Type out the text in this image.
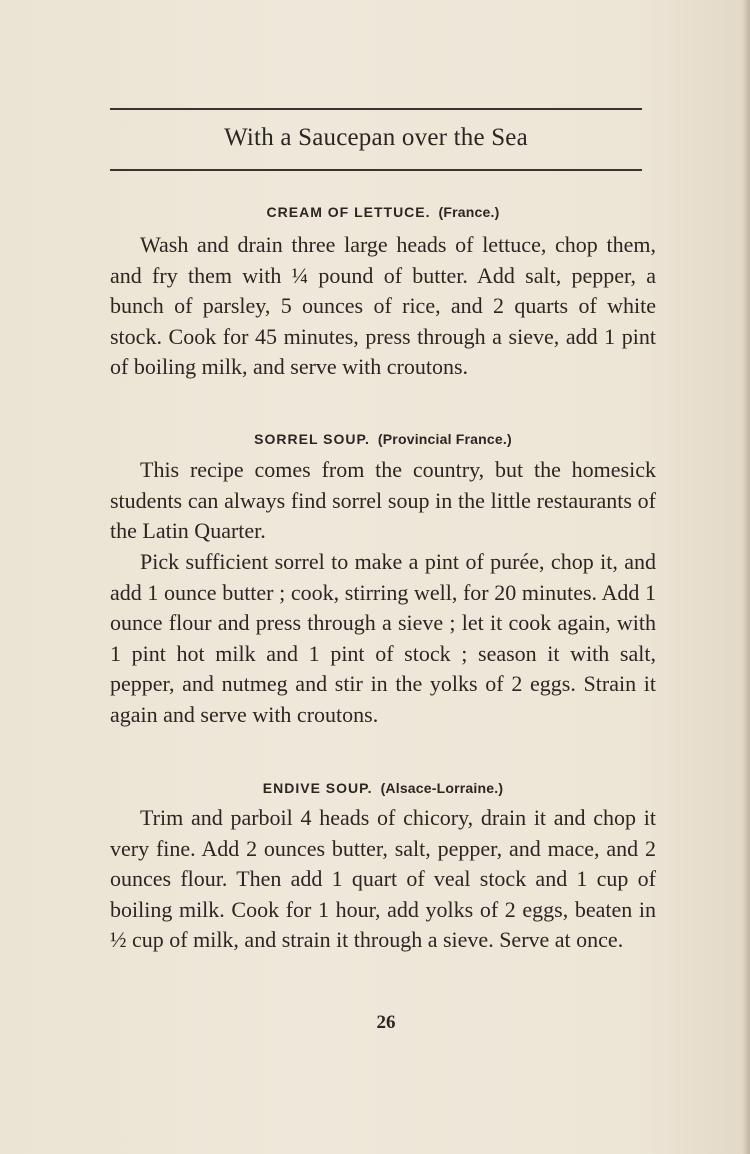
With a Saucepan over the Sea
CREAM OF LETTUCE. (France.)

Wash and drain three large heads of lettuce, chop them, and fry them with ¼ pound of butter. Add salt, pepper, a bunch of parsley, 5 ounces of rice, and 2 quarts of white stock. Cook for 45 minutes, press through a sieve, add 1 pint of boiling milk, and serve with croutons.

SORREL SOUP. (Provincial France.)

This recipe comes from the country, but the homesick students can always find sorrel soup in the little restaurants of the Latin Quarter.

Pick sufficient sorrel to make a pint of purée, chop it, and add 1 ounce butter ; cook, stirring well, for 20 minutes. Add 1 ounce flour and press through a sieve ; let it cook again, with 1 pint hot milk and 1 pint of stock ; season it with salt, pepper, and nutmeg and stir in the yolks of 2 eggs. Strain it again and serve with croutons.

ENDIVE SOUP. (Alsace-Lorraine.)

Trim and parboil 4 heads of chicory, drain it and chop it very fine. Add 2 ounces butter, salt, pepper, and mace, and 2 ounces flour. Then add 1 quart of veal stock and 1 cup of boiling milk. Cook for 1 hour, add yolks of 2 eggs, beaten in ½ cup of milk, and strain it through a sieve. Serve at once.

26
